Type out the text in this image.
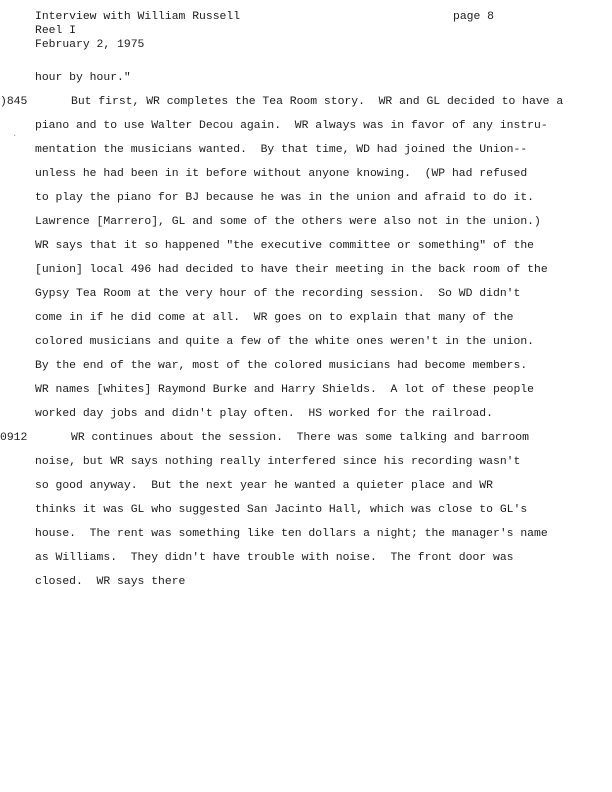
Interview with William Russell
Reel I
February 2, 1975
page 8
hour by hour."
)845	But first, WR completes the Tea Room story.  WR and GL decided to have a
piano and to use Walter Decou again.  WR always was in favor of any instru-
mentation the musicians wanted.  By that time, WD had joined the Union--
unless he had been in it before without anyone knowing.  (WP had refused
to play the piano for BJ because he was in the union and afraid to do it.
Lawrence [Marrero], GL and some of the others were also not in the union.)
WR says that it so happened "the executive committee or something" of the
[union] local 496 had decided to have their meeting in the back room of the
Gypsy Tea Room at the very hour of the recording session.  So WD didn't
come in if he did come at all.  WR goes on to explain that many of the
colored musicians and quite a few of the white ones weren't in the union.
By the end of the war, most of the colored musicians had become members.
WR names [whites] Raymond Burke and Harry Shields.  A lot of these people
worked day jobs and didn't play often.  HS worked for the railroad.
0912	WR continues about the session.  There was some talking and barroom
noise, but WR says nothing really interfered since his recording wasn't
so good anyway.  But the next year he wanted a quieter place and WR
thinks it was GL who suggested San Jacinto Hall, which was close to GL's
house.  The rent was something like ten dollars a night; the manager's name
as Williams.  They didn't have trouble with noise.  The front door was
closed.  WR says there
·
